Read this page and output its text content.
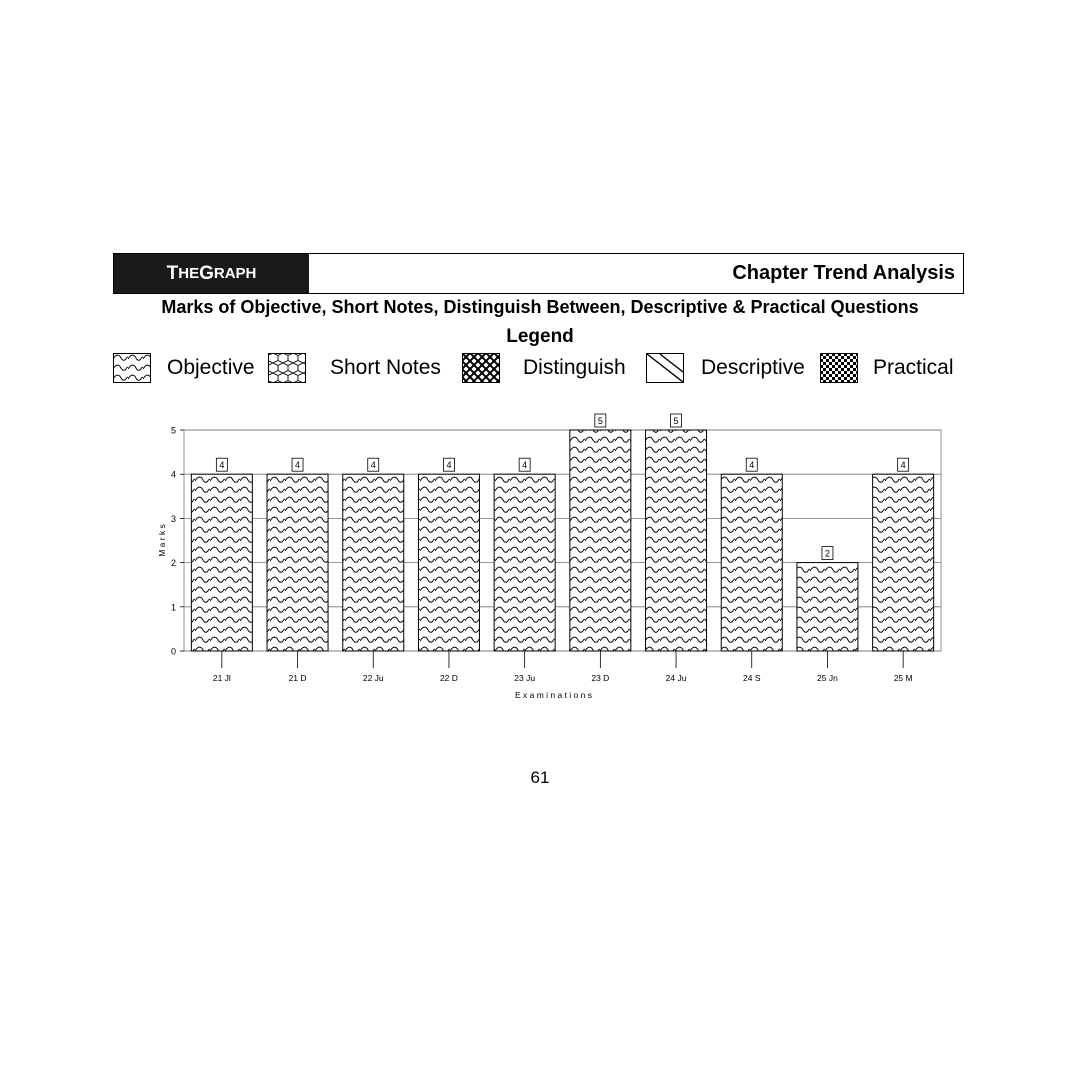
T HE G RAPH	Chapter Trend Analysis
Marks of Objective, Short Notes, Distinguish Between, Descriptive & Practical Questions
Legend
Objective	Short Notes	Distinguish	Descriptive	Practical
4	4	4	4	4
5	5
4
2
4
0
1
2
3
4
5
M a r k s
21 Jl	21 D	22 Ju	22 D	23 Ju	23 D	24 Ju	24 S	25 Jn	25 M
E x a m i n a t i o n s
61
